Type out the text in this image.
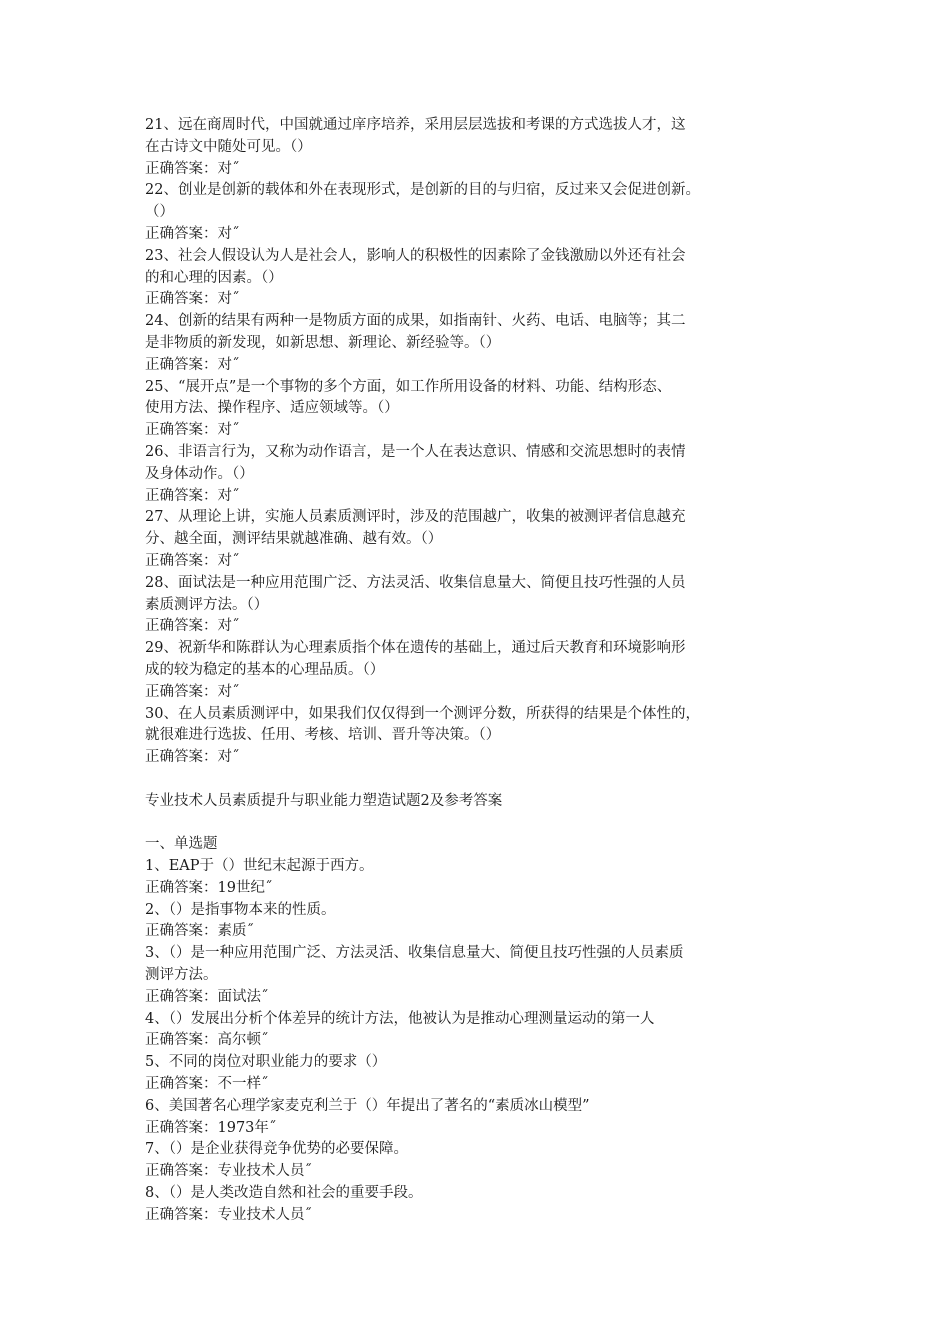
21、远在商周时代，中国就通过庠序培养，采用层层选拔和考课的方式选拔人才，这
在古诗文中随处可见。（）
正确答案：对˝
22、创业是创新的载体和外在表现形式，是创新的目的与归宿，反过来又会促进创新。
（）
正确答案：对˝
23、社会人假设认为人是社会人，影响人的积极性的因素除了金钱激励以外还有社会
的和心理的因素。（）
正确答案：对˝
24、创新的结果有两种一是物质方面的成果，如指南针、火药、电话、电脑等；其二
是非物质的新发现，如新思想、新理论、新经验等。（）
正确答案：对˝
25、“展开点”是一个事物的多个方面，如工作所用设备的材料、功能、结构形态、
使用方法、操作程序、适应领域等。（）
正确答案：对˝
26、非语言行为，又称为动作语言，是一个人在表达意识、情感和交流思想时的表情
及身体动作。（）
正确答案：对˝
27、从理论上讲，实施人员素质测评时，涉及的范围越广，收集的被测评者信息越充
分、越全面，测评结果就越准确、越有效。（）
正确答案：对˝
28、面试法是一种应用范围广泛、方法灵活、收集信息量大、简便且技巧性强的人员
素质测评方法。（）
正确答案：对˝
29、祝新华和陈群认为心理素质指个体在遗传的基础上，通过后天教育和环境影响形
成的较为稳定的基本的心理品质。（）
正确答案：对˝
30、在人员素质测评中，如果我们仅仅得到一个测评分数，所获得的结果是个体性的，
就很难进行选拔、任用、考核、培训、晋升等决策。（）
正确答案：对˝
专业技术人员素质提升与职业能力塑造试题2及参考答案
一、单选题
1、EAP于（）世纪末起源于西方。
正确答案：19世纪˝
2、（）是指事物本来的性质。
正确答案：素质˝
3、（）是一种应用范围广泛、方法灵活、收集信息量大、简便且技巧性强的人员素质
测评方法。
正确答案：面试法˝
4、（）发展出分析个体差异的统计方法，他被认为是推动心理测量运动的第一人
正确答案：高尔顿˝
5、不同的岗位对职业能力的要求（）
正确答案：不一样˝
6、美国著名心理学家麦克利兰于（）年提出了著名的“素质冰山模型”
正确答案：1973年˝
7、（）是企业获得竞争优势的必要保障。
正确答案：专业技术人员˝
8、（）是人类改造自然和社会的重要手段。
正确答案：专业技术人员˝
